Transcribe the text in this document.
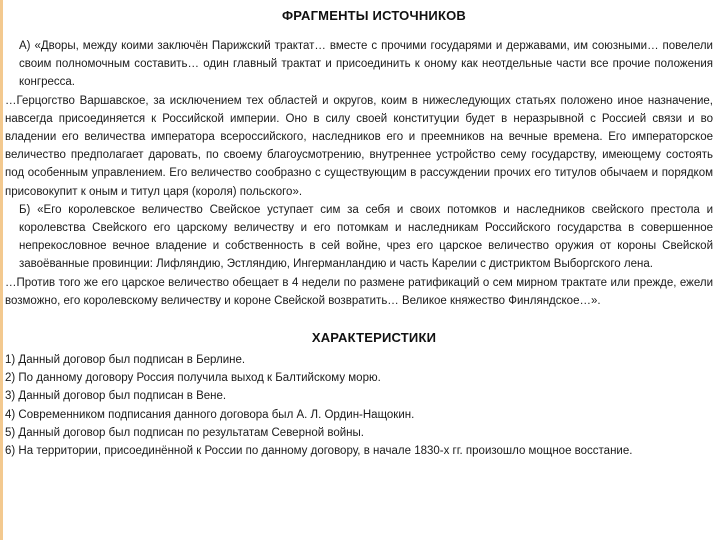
ФРАГМЕНТЫ ИСТОЧНИКОВ

А) «Дворы, между коими заключён Парижский трактат… вместе с прочими государями и державами, им союзными… повелели своим полномочным составить… один главный трактат и присоединить к оному как неотдельные части все прочие положения конгресса.

…Герцогство Варшавское, за исключением тех областей и округов, коим в нижеследующих статьях положено иное назначение, навсегда присоединяется к Российской империи. Оно в силу своей конституции будет в неразрывной с Россией связи и во владении его величества императора всероссийского, наследников его и преемников на вечные времена. Его императорское величество предполагает даровать, по своему благоусмотрению, внутреннее устройство сему государству, имеющему состоять под особенным управлением. Его величество сообразно с существующим в рассуждении прочих его титулов обычаем и порядком присовокупит к оным и титул царя (короля) польского».

Б) «Его королевское величество Свейское уступает сим за себя и своих потомков и наследников свейского престола и королевства Свейского его царскому величеству и его потомкам и наследникам Российского государства в совершенное непрекословное вечное владение и собственность в сей войне, чрез его царское величество оружия от короны Свейской завоёванные провинции: Лифляндию, Эстляндию, Ингерманландию и часть Карелии с дистриктом Выборгского лена.

…Против того же его царское величество обещает в 4 недели по размене ратификаций о сем мирном трактате или прежде, ежели возможно, его королевскому величеству и короне Свейской возвратить… Великое княжество Финляндское…».

ХАРАКТЕРИСТИКИ

1) Данный договор был подписан в Берлине.

2) По данному договору Россия получила выход к Балтийскому морю.

3) Данный договор был подписан в Вене.

4) Современником подписания данного договора был А. Л. Ордин-Нащокин.

5) Данный договор был подписан по результатам Северной войны.

6) На территории, присоединённой к России по данному договору, в начале 1830-х гг. произошло мощное восстание.
